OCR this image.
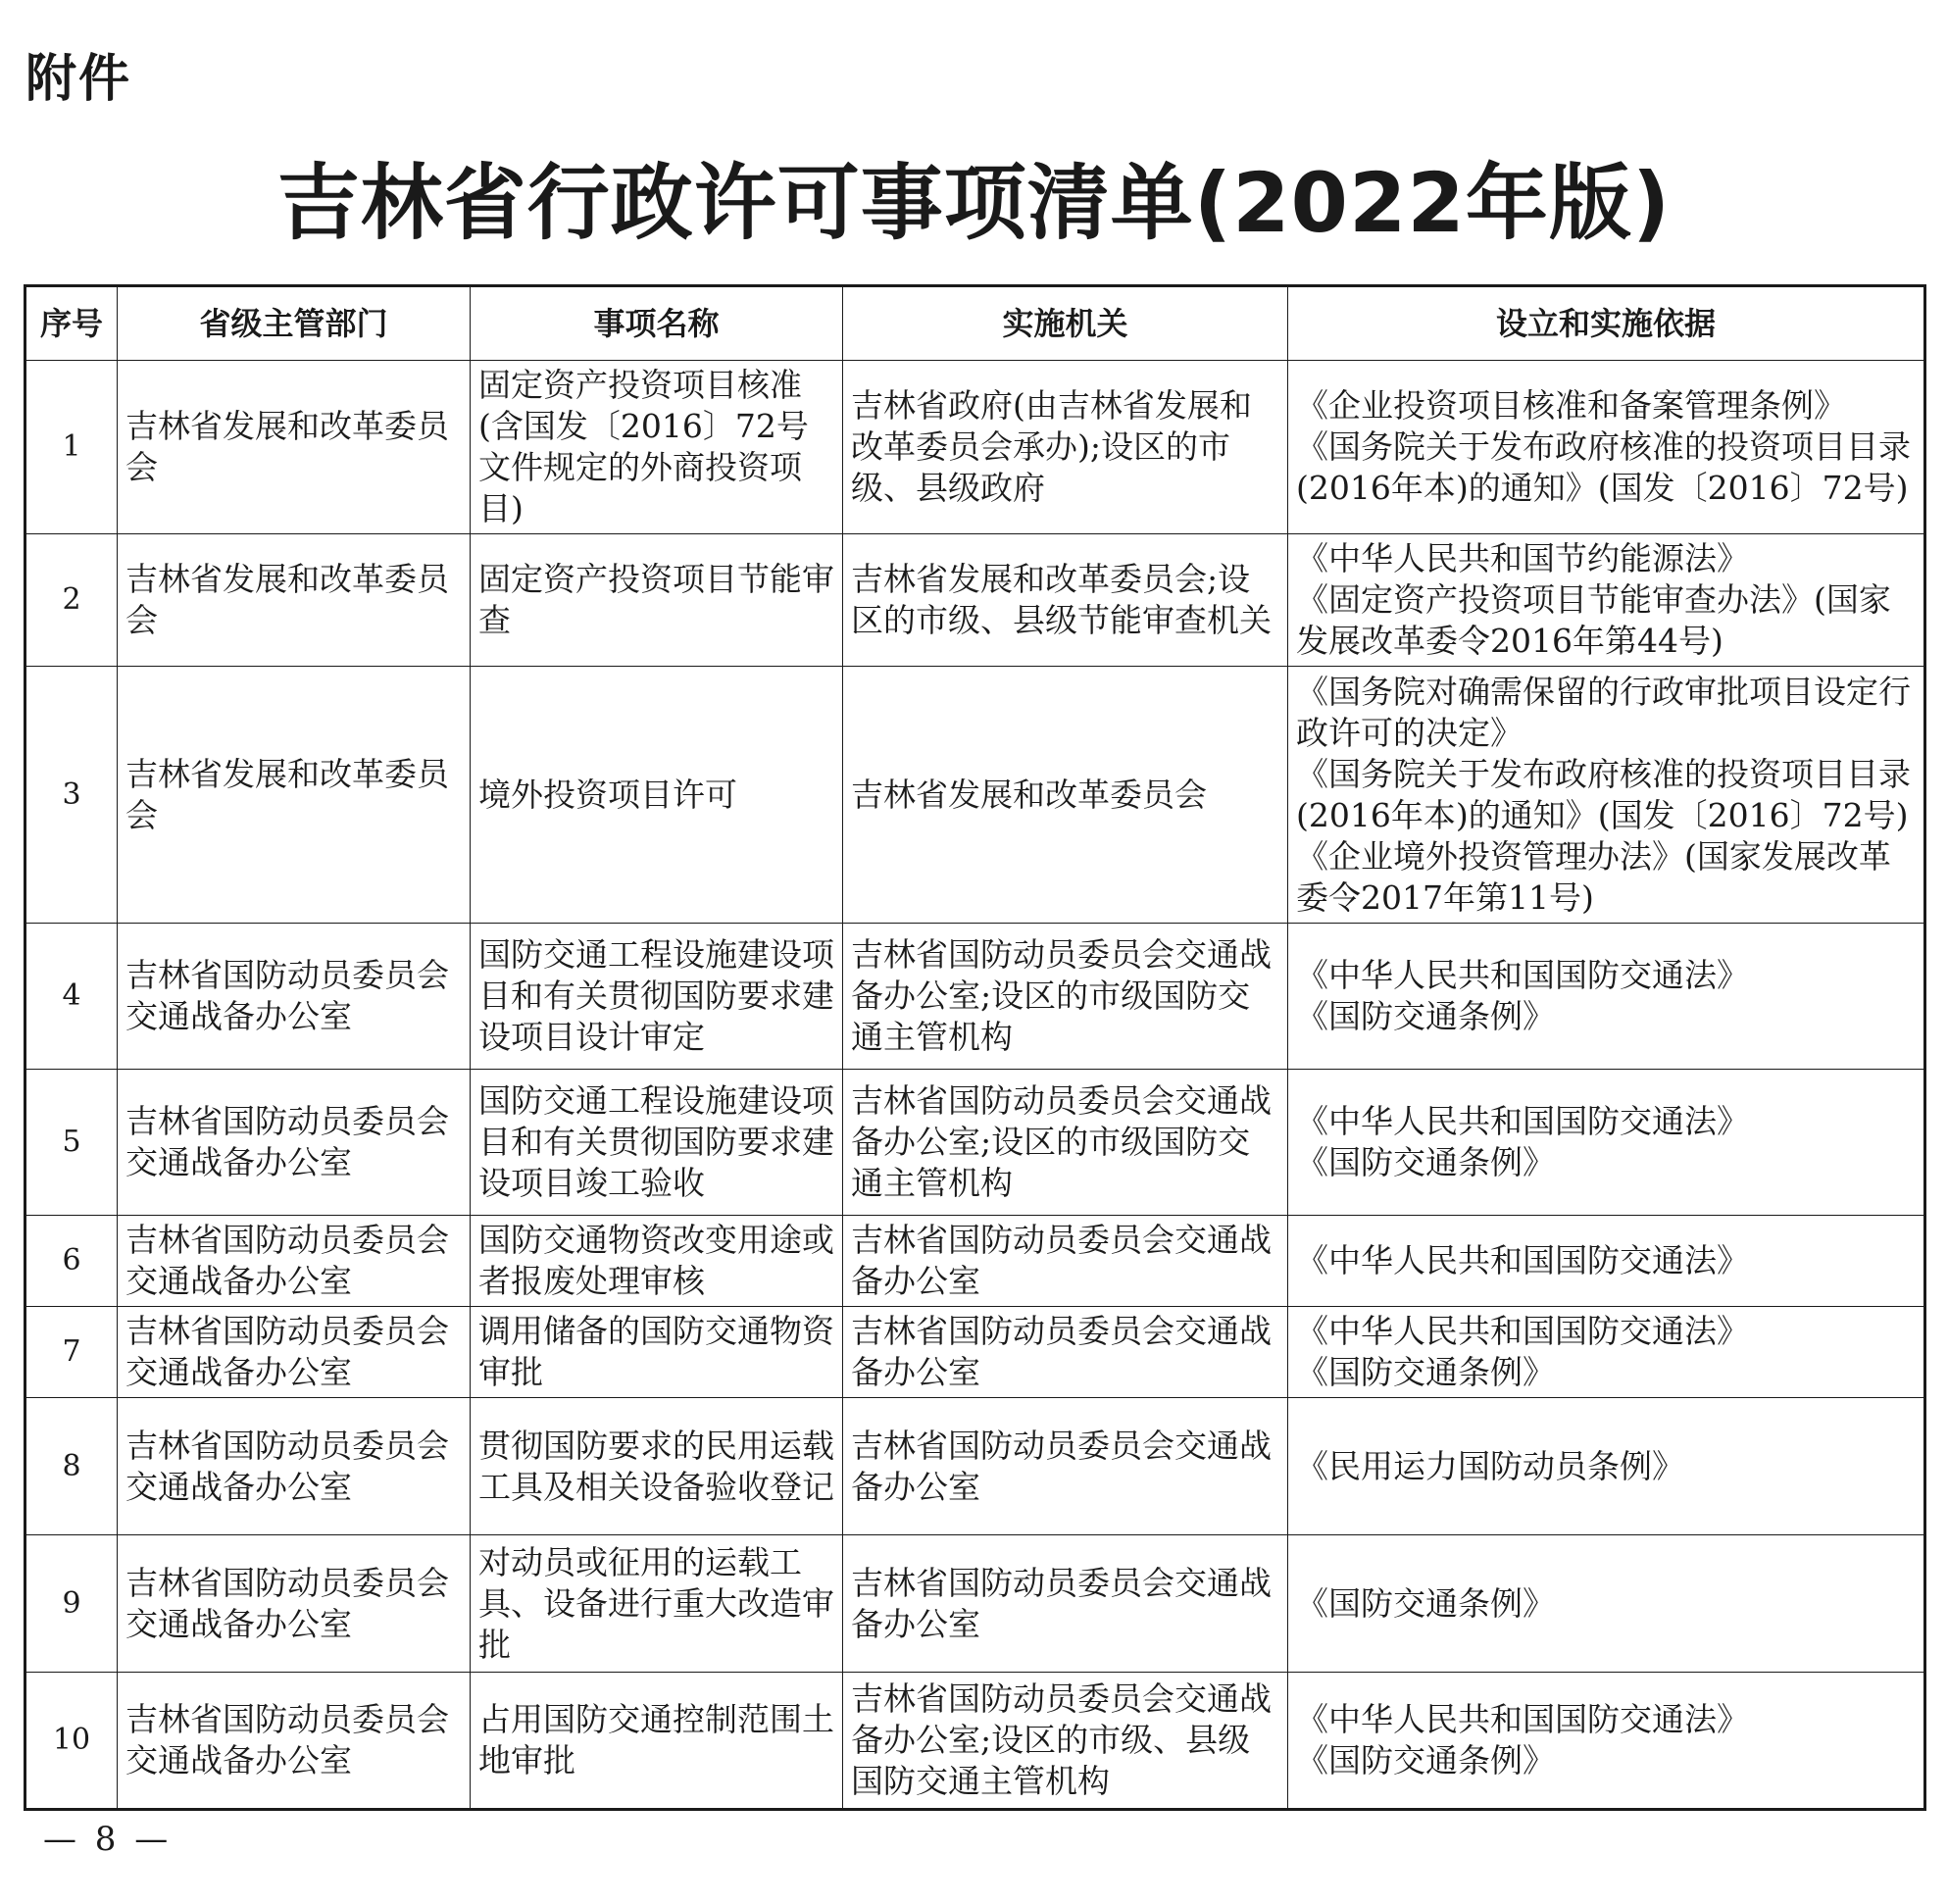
附件
吉林省行政许可事项清单(2022年版)
序号	省级主管部门	事项名称	实施机关	设立和实施依据
1	吉林省发展和改革委员会	固定资产投资项目核准(含国发〔2016〕72号文件规定的外商投资项目)	吉林省政府(由吉林省发展和改革委员会承办);设区的市级、县级政府	《企业投资项目核准和备案管理条例》
《国务院关于发布政府核准的投资项目目录(2016年本)的通知》(国发〔2016〕72号)

2	吉林省发展和改革委员会	固定资产投资项目节能审查	吉林省发展和改革委员会;设区的市级、县级节能审查机关	《中华人民共和国节约能源法》
《固定资产投资项目节能审查办法》(国家发展改革委令2016年第44号)

3	吉林省发展和改革委员会	境外投资项目许可	吉林省发展和改革委员会	《国务院对确需保留的行政审批项目设定行政许可的决定》
《国务院关于发布政府核准的投资项目目录(2016年本)的通知》(国发〔2016〕72号)
《企业境外投资管理办法》(国家发展改革委令2017年第11号)

4	吉林省国防动员委员会交通战备办公室	国防交通工程设施建设项目和有关贯彻国防要求建设项目设计审定	吉林省国防动员委员会交通战备办公室;设区的市级国防交通主管机构	《中华人民共和国国防交通法》
《国防交通条例》

5	吉林省国防动员委员会交通战备办公室	国防交通工程设施建设项目和有关贯彻国防要求建设项目竣工验收	吉林省国防动员委员会交通战备办公室;设区的市级国防交通主管机构	《中华人民共和国国防交通法》
《国防交通条例》

6	吉林省国防动员委员会交通战备办公室	国防交通物资改变用途或者报废处理审核	吉林省国防动员委员会交通战备办公室	《中华人民共和国国防交通法》

7	吉林省国防动员委员会交通战备办公室	调用储备的国防交通物资审批	吉林省国防动员委员会交通战备办公室	《中华人民共和国国防交通法》
《国防交通条例》

8	吉林省国防动员委员会交通战备办公室	贯彻国防要求的民用运载工具及相关设备验收登记	吉林省国防动员委员会交通战备办公室	《民用运力国防动员条例》

9	吉林省国防动员委员会交通战备办公室	对动员或征用的运载工具、设备进行重大改造审批	吉林省国防动员委员会交通战备办公室	《国防交通条例》

10	吉林省国防动员委员会交通战备办公室	占用国防交通控制范围土地审批	吉林省国防动员委员会交通战备办公室;设区的市级、县级国防交通主管机构	《中华人民共和国国防交通法》
《国防交通条例》
— 8 —
